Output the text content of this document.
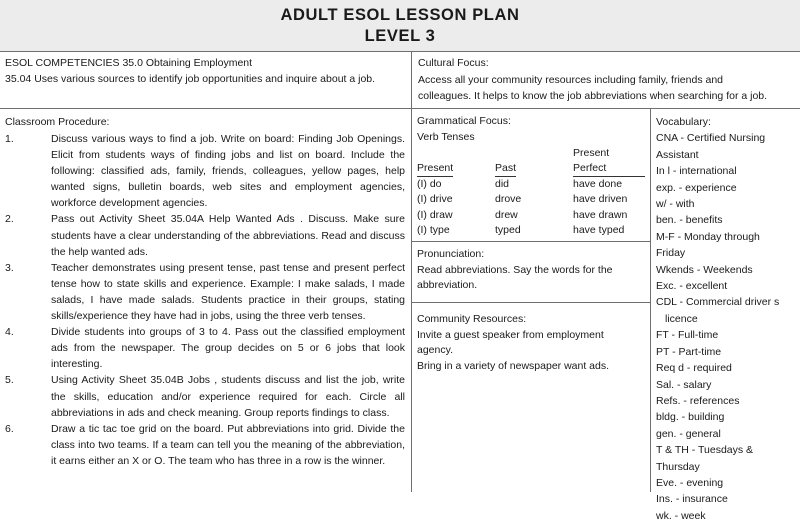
ADULT ESOL LESSON PLAN
LEVEL 3
ESOL COMPETENCIES 35.0 Obtaining Employment
35.04 Uses various sources to identify job opportunities and inquire about a job.
Cultural Focus:
Access all your community resources including family, friends and
colleagues. It helps to know the job abbreviations when searching for a job.
Classroom Procedure:
1.	Discuss various ways to find a job. Write on board: Finding Job Openings. Elicit from students ways of finding jobs and list on board. Include the following: classified ads, family, friends, colleagues, yellow pages, help wanted signs, bulletin boards, web sites and employment agencies, workforce development agencies.
2.	Pass out Activity Sheet 35.04A Help Wanted Ads . Discuss. Make sure students have a clear understanding of the abbreviations. Read and discuss the help wanted ads.
3.	Teacher demonstrates using present tense, past tense and present perfect tense how to state skills and experience. Example: I make salads, I made salads, I have made salads. Students practice in their groups, stating skills/experience they have had in jobs, using the three verb tenses.
4.	Divide students into groups of 3 to 4. Pass out the classified employment ads from the newspaper. The group decides on 5 or 6 jobs that look interesting.
5.	Using Activity Sheet 35.04B Jobs , students discuss and list the job, write the skills, education and/or experience required for each. Circle all abbreviations in ads and check meaning. Group reports findings to class.
6.	Draw a tic tac toe grid on the board. Put abbreviations into grid. Divide the class into two teams. If a team can tell you the meaning of the abbreviation, it earns either an X or O. The team who has three in a row is the winner.
Grammatical Focus:
Verb Tenses
Present	Past	Present Perfect
(I) do	did	have done
(I) drive	drove	have driven
(I) draw	drew	have drawn
(I) type	typed	have typed
Pronunciation:
Read abbreviations. Say the words for the
abbreviation.
Community Resources:
Invite a guest speaker from employment
agency.
Bring in a variety of newspaper want ads.
Vocabulary:
CNA - Certified Nursing
Assistant
In l - international
exp. - experience
w/ - with
ben. - benefits
M-F - Monday through
Friday
Wkends - Weekends
Exc. - excellent
CDL - Commercial driver s
licence
FT - Full-time
PT - Part-time
Req d - required
Sal. - salary
Refs. - references
bldg. - building
gen. - general
T & TH - Tuesdays &
Thursday
Eve. - evening
Ins. - insurance
wk. - week
